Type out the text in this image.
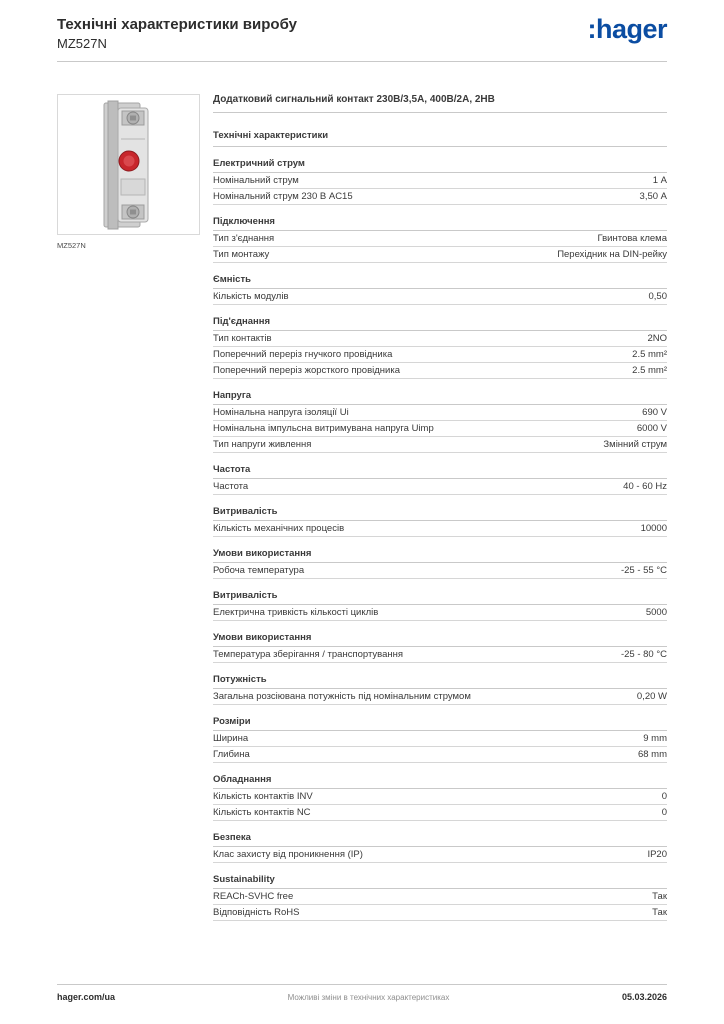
Технічні характеристики виробу
MZ527N	:hager
MZ527N
Додатковий сигнальний контакт 230В/3,5А, 400В/2А, 2НВ
Технічні характеристики
Електричний струм
Номінальний струм	1 А
Номінальний струм 230 В AC15	3,50 А
Підключення
Тип з'єднання	Гвинтова клема
Тип монтажу	Перехідник на DIN-рейку
Ємність
Кількість модулів	0,50
Під'єднання
Тип контактів	2NO
Поперечний переріз гнучкого провідника	2.5 mm²
Поперечний переріз жорсткого провідника	2.5 mm²
Напруга
Номінальна напруга ізоляції Ui	690 V
Номінальна імпульсна витримувана напруга Uimp	6000 V
Тип напруги живлення	Змінний струм
Частота
Частота	40 - 60 Hz
Витривалість
Кількість механічних процесів	10000
Умови використання
Робоча температура	-25 - 55 °C
Витривалість
Електрична тривкість кількості циклів	5000
Умови використання
Температура зберігання / транспортування	-25 - 80 °C
Потужність
Загальна розсіювана потужність під номінальним струмом	0,20 W
Розміри
Ширина	9 mm
Глибина	68 mm
Обладнання
Кількість контактів INV	0
Кількість контактів NC	0
Безпека
Клас захисту від проникнення (IP)	IP20
Sustainability
REACh-SVHC free	Так
Відповідність RoHS	Так
hager.com/ua	Можливі зміни в технічних характеристиках	05.03.2026
